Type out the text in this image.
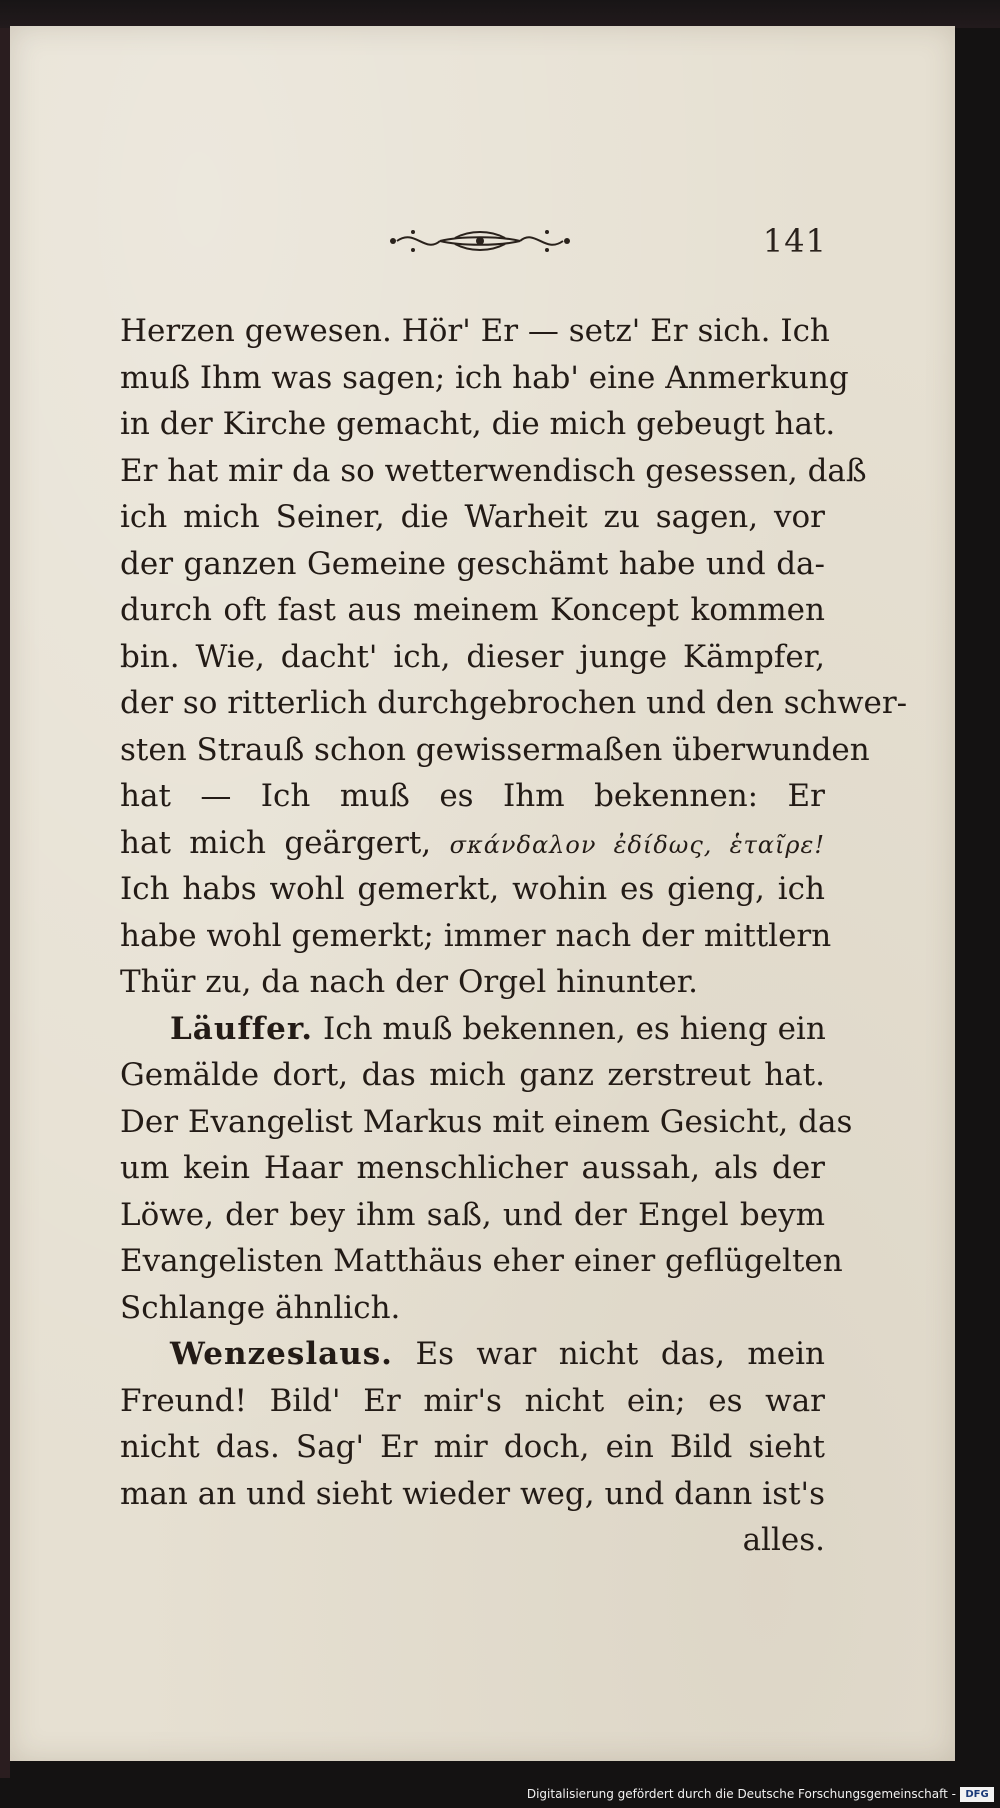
141
Herzen gewesen. Hör' Er — setz' Er sich. Ich
muß Ihm was sagen; ich hab' eine Anmerkung
in der Kirche gemacht, die mich gebeugt hat.
Er hat mir da so wetterwendisch gesessen, daß
ich mich Seiner, die Warheit zu sagen, vor
der ganzen Gemeine geschämt habe und da-
durch oft fast aus meinem Koncept kommen
bin. Wie, dacht' ich, dieser junge Kämpfer,
der so ritterlich durchgebrochen und den schwer-
sten Strauß schon gewissermaßen überwunden
hat — Ich muß es Ihm bekennen: Er
hat mich geärgert, σκάνδαλον ἐδίδως, ἑταῖρε!
Ich habs wohl gemerkt, wohin es gieng, ich
habe wohl gemerkt; immer nach der mittlern
Thür zu, da nach der Orgel hinunter.
Läuffer. Ich muß bekennen, es hieng ein
Gemälde dort, das mich ganz zerstreut hat.
Der Evangelist Markus mit einem Gesicht, das
um kein Haar menschlicher aussah, als der
Löwe, der bey ihm saß, und der Engel beym
Evangelisten Matthäus eher einer geflügelten
Schlange ähnlich.
Wenzeslaus. Es war nicht das, mein
Freund! Bild' Er mir's nicht ein; es war
nicht das. Sag' Er mir doch, ein Bild sieht
man an und sieht wieder weg, und dann ist's
alles.
Digitalisierung gefördert durch die Deutsche Forschungsgemeinschaft - DFG
